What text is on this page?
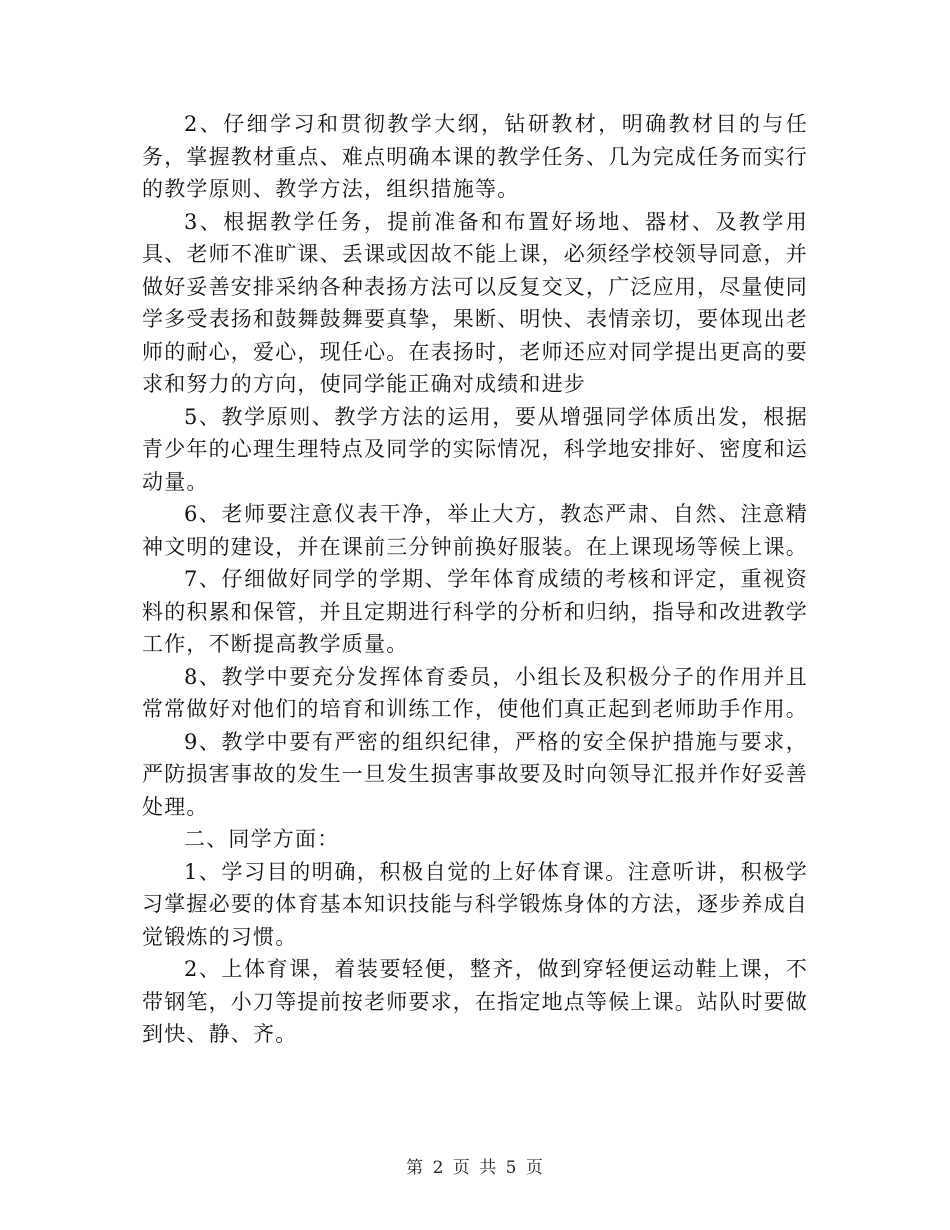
2、仔细学习和贯彻教学大纲，钻研教材，明确教材目的与任务，掌握教材重点、难点明确本课的教学任务、几为完成任务而实行的教学原则、教学方法，组织措施等。

3、根据教学任务，提前准备和布置好场地、器材、及教学用具、老师不准旷课、丢课或因故不能上课，必须经学校领导同意，并做好妥善安排采纳各种表扬方法可以反复交叉，广泛应用，尽量使同学多受表扬和鼓舞鼓舞要真挚，果断、明快、表情亲切，要体现出老师的耐心，爱心，现任心。在表扬时，老师还应对同学提出更高的要求和努力的方向，使同学能正确对成绩和进步

5、教学原则、教学方法的运用，要从增强同学体质出发，根据青少年的心理生理特点及同学的实际情况，科学地安排好、密度和运动量。

6、老师要注意仪表干净，举止大方，教态严肃、自然、注意精神文明的建设，并在课前三分钟前换好服装。在上课现场等候上课。

7、仔细做好同学的学期、学年体育成绩的考核和评定，重视资料的积累和保管，并且定期进行科学的分析和归纳，指导和改进教学工作，不断提高教学质量。

8、教学中要充分发挥体育委员，小组长及积极分子的作用并且常常做好对他们的培育和训练工作，使他们真正起到老师助手作用。

9、教学中要有严密的组织纪律，严格的安全保护措施与要求，严防损害事故的发生一旦发生损害事故要及时向领导汇报并作好妥善处理。

二、同学方面：

1、学习目的明确，积极自觉的上好体育课。注意听讲，积极学习掌握必要的体育基本知识技能与科学锻炼身体的方法，逐步养成自觉锻炼的习惯。

2、上体育课，着装要轻便，整齐，做到穿轻便运动鞋上课，不带钢笔，小刀等提前按老师要求，在指定地点等候上课。站队时要做到快、静、齐。

第 2 页 共 5 页
